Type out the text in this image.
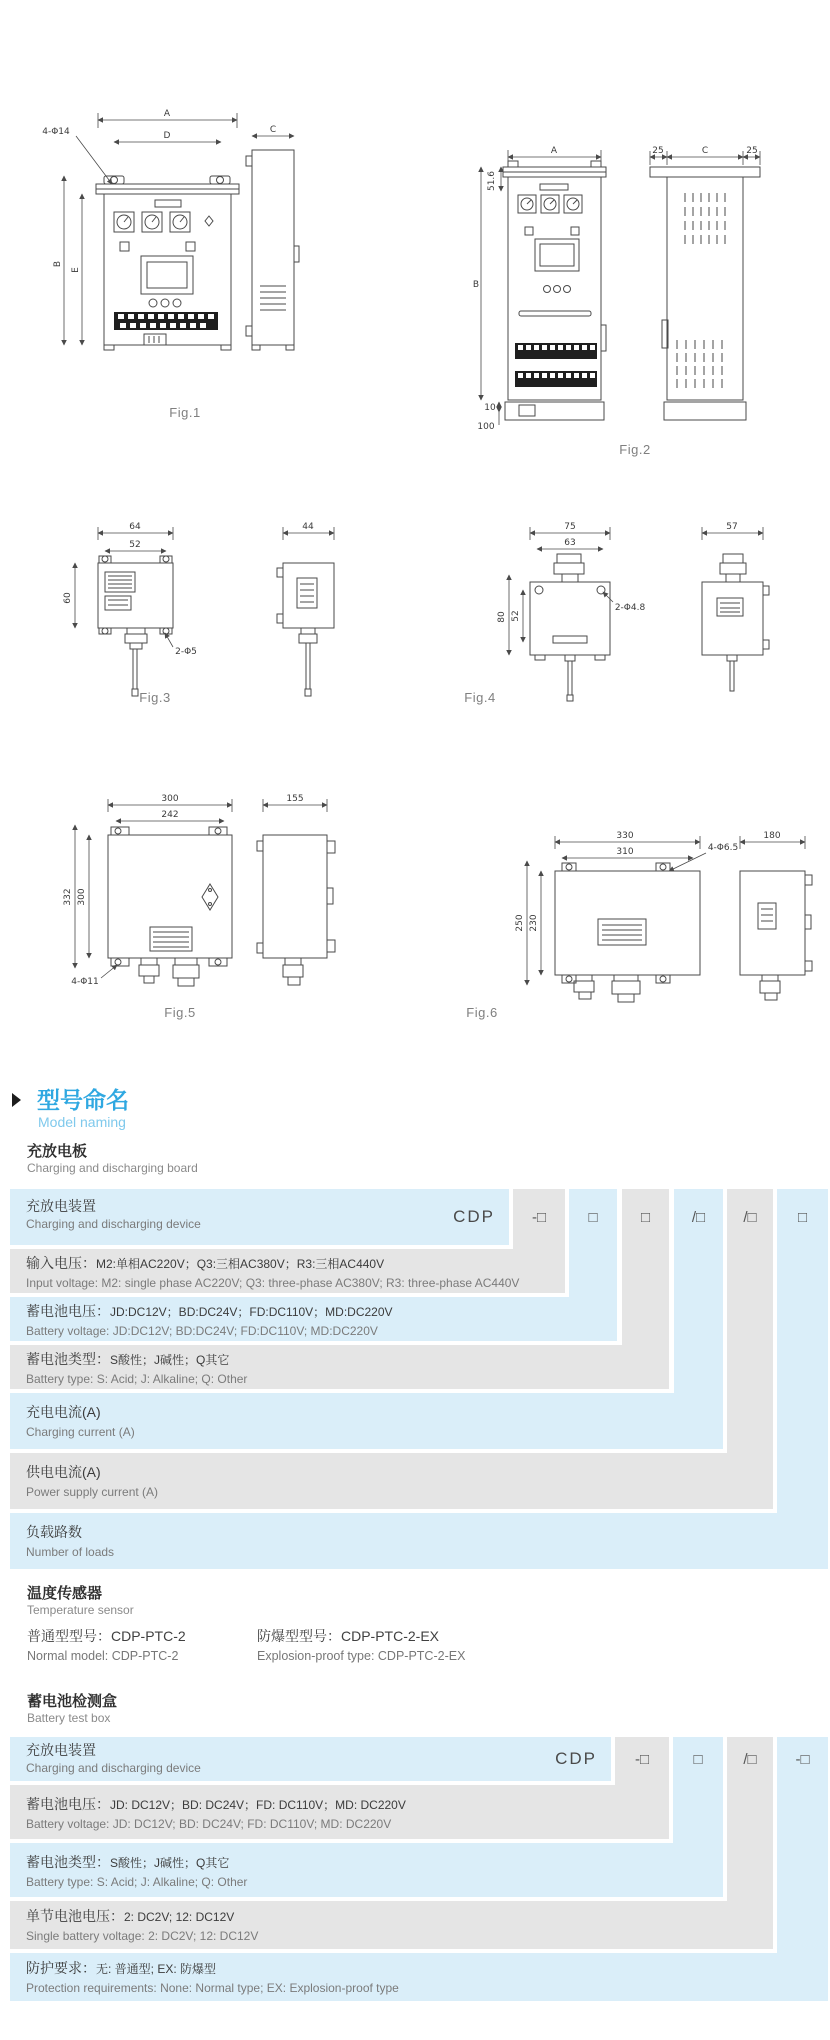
A
D
4-Φ14
B
E
C
Fig.1
A
51.6
B
10
100
25	C	25
Fig.2
64
52
60
2-Φ5
44
Fig.3
75
63
80 52
2-Φ4.8
57
Fig.4
300
242
332 300
4-Φ11
155
Fig.5
330
310
250 230
4-Φ6.5
180
Fig.6
型号命名
Model naming
充放电板
Charging and discharging board
充放电装置
Charging and discharging device	CDP	-□	□	□	/□	/□	□
输入电压：M2:单相AC220V；Q3:三相AC380V；R3:三相AC440V
Input voltage: M2: single phase AC220V; Q3: three-phase AC380V; R3: three-phase AC440V
蓄电池电压：JD:DC12V；BD:DC24V；FD:DC110V；MD:DC220V
Battery voltage: JD:DC12V; BD:DC24V; FD:DC110V; MD:DC220V
蓄电池类型：S酸性；J碱性；Q其它
Battery type: S: Acid; J: Alkaline; Q: Other
充电电流(A)
Charging current (A)
供电电流(A)
Power supply current (A)
负载路数
Number of loads
温度传感器
Temperature sensor
普通型型号：CDP-PTC-2
Normal model: CDP-PTC-2
防爆型型号：CDP-PTC-2-EX
Explosion-proof type: CDP-PTC-2-EX
蓄电池检测盒
Battery test box
充放电装置
Charging and discharging device	CDP	-□	□	/□	-□
蓄电池电压：JD: DC12V；BD: DC24V；FD: DC110V；MD: DC220V
Battery voltage: JD: DC12V; BD: DC24V; FD: DC110V; MD: DC220V
蓄电池类型：S酸性；J碱性；Q其它
Battery type: S: Acid; J: Alkaline; Q: Other
单节电池电压：2: DC2V; 12: DC12V
Single battery voltage: 2: DC2V; 12: DC12V
防护要求：无: 普通型; EX: 防爆型
Protection requirements: None: Normal type; EX: Explosion-proof type
